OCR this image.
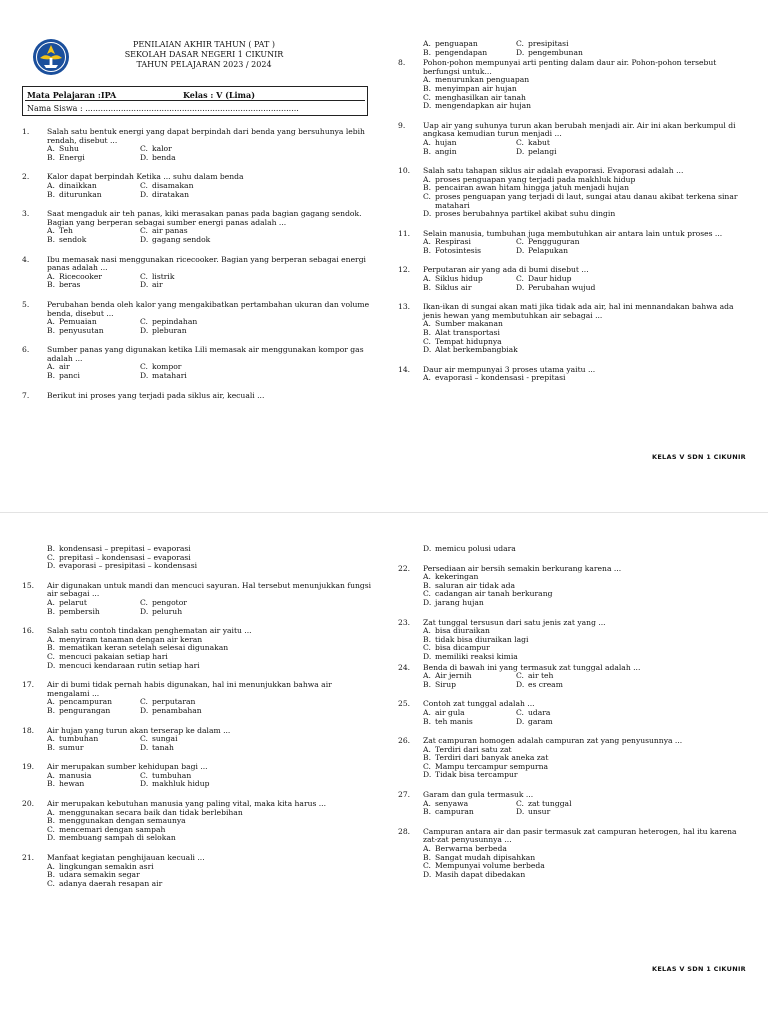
PENILAIAN AKHIR TAHUN ( PAT )
SEKOLAH DASAR NEGERI 1 CIKUNIR
TAHUN PELAJARAN 2023 / 2024
Mata Pelajaran :IPA	Kelas : V (Lima)
Nama Siswa : ....................................................................................
1. Salah satu bentuk energi yang dapat berpindah dari benda yang bersuhunya lebih rendah, disebut ...
A. Suhu	C. kalor
B. Energi	D. benda
2. Kalor dapat berpindah Ketika ... suhu dalam benda
A. dinaikkan	C. disamakan
B. diturunkan	D. diratakan
3. Saat mengaduk air teh panas, kiki merasakan panas pada bagian gagang sendok. Bagian yang berperan sebagai sumber energi panas adalah ...
A. Teh	C. air panas
B. sendok	D. gagang sendok
4. Ibu memasak nasi menggunakan ricecooker. Bagian yang berperan sebagai energi panas adalah ...
A. Ricecooker	C. listrik
B. beras	D. air
5. Perubahan benda oleh kalor yang mengakibatkan pertambahan ukuran dan volume benda, disebut ...
A. Pemuaian	C. pepindahan
B. penyusutan	D. pleburan
6. Sumber panas yang digunakan ketika Lili memasak air menggunakan kompor gas adalah ...
A. air	C. kompor
B. panci	D. matahari
7. Berikut ini proses yang terjadi pada siklus air, kecuali ...
A. penguapan	C. presipitasi
B. pengendapan	D. pengembunan
8. Pohon-pohon mempunyai arti penting dalam daur air. Pohon-pohon tersebut berfungsi untuk...
A. menurunkan penguapan
B. menyimpan air hujan
C. menghasilkan air tanah
D. mengendapkan air hujan
9. Uap air yang suhunya turun akan berubah menjadi air. Air ini akan berkumpul di angkasa kemudian turun menjadi ...
A. hujan	C. kabut
B. angin	D. pelangi
10. Salah satu tahapan siklus air adalah evaporasi. Evaporasi adalah ...
A. proses penguapan yang terjadi pada makhluk hidup
B. pencairan awan hitam hingga jatuh menjadi hujan
C. proses penguapan yang terjadi di laut, sungai atau danau akibat terkena sinar matahari
D. proses berubahnya partikel akibat suhu dingin
11. Selain manusia, tumbuhan juga membutuhkan air antara lain untuk proses ...
A. Respirasi	C. Pengguguran
B. Fotosintesis	D. Pelapukan
12. Perputaran air yang ada di bumi disebut ...
A. Siklus hidup	C. Daur hidup
B. Siklus air	D. Perubahan wujud
13. Ikan-ikan di sungai akan mati jika tidak ada air, hal ini mennandakan bahwa ada jenis hewan yang membutuhkan air sebagai ...
A. Sumber makanan
B. Alat transportasi
C. Tempat hidupnya
D. Alat berkembangbiak
14. Daur air mempunyai 3 proses utama yaitu ...
A. evaporasi – kondensasi - prepitasi
KELAS V SDN 1 CIKUNIR
B. kondensasi – prepitasi – evaporasi
C. prepitasi – kondensasi – evaporasi
D. evaporasi – presipitasi – kondensasi
15. Air digunakan untuk mandi dan mencuci sayuran. Hal tersebut menunjukkan fungsi air sebagai ...
A. pelarut	C. pengotor
B. pembersih	D. peluruh
16. Salah satu contoh tindakan penghematan air yaitu ...
A. menyiram tanaman dengan air keran
B. mematikan keran setelah selesai digunakan
C. mencuci pakaian setiap hari
D. mencuci kendaraan rutin setiap hari
17. Air di bumi tidak pernah habis digunakan, hal ini menunjukkan bahwa air mengalami ...
A. pencampuran	C. perputaran
B. pengurangan	D. penambahan
18. Air hujan yang turun akan terserap ke dalam ...
A. tumbuhan	C. sungai
B. sumur	D. tanah
19. Air merupakan sumber kehidupan bagi ...
A. manusia	C. tumbuhan
B. hewan	D. makhluk hidup
20. Air merupakan kebutuhan manusia yang paling vital, maka kita harus ...
A. menggunakan secara baik dan tidak berlebihan
B. menggunakan dengan semaunya
C. mencemari dengan sampah
D. membuang sampah di selokan
21. Manfaat kegiatan penghijauan kecuali ...
A. lingkungan semakin asri
B. udara semakin segar
C. adanya daerah resapan air
D. memicu polusi udara
22. Persediaan air bersih semakin berkurang karena ...
A. kekeringan
B. saluran air tidak ada
C. cadangan air tanah berkurang
D. jarang hujan
23. Zat tunggal tersusun dari satu jenis zat yang ...
A. bisa diuraikan
B. tidak bisa diuraikan lagi
C. bisa dicampur
D. memiliki reaksi kimia
24. Benda di bawah ini yang termasuk zat tunggal adalah ...
A. Air jernih	C. air teh
B. Sirup	D. es cream
25. Contoh zat tunggal adalah ...
A. air gula	C. udara
B. teh manis	D. garam
26. Zat campuran homogen adalah campuran zat yang penyusunnya ...
A. Terdiri dari satu zat
B. Terdiri dari banyak aneka zat
C. Mampu tercampur sempurna
D. Tidak bisa tercampur
27. Garam dan gula termasuk ...
A. senyawa	C. zat tunggal
B. campuran	D. unsur
28. Campuran antara air dan pasir termasuk zat campuran heterogen, hal itu karena zat-zat penyusunnya ...
A. Berwarna berbeda
B. Sangat mudah dipisahkan
C. Mempunyai volume berbeda
D. Masih dapat dibedakan
KELAS V SDN 1 CIKUNIR
